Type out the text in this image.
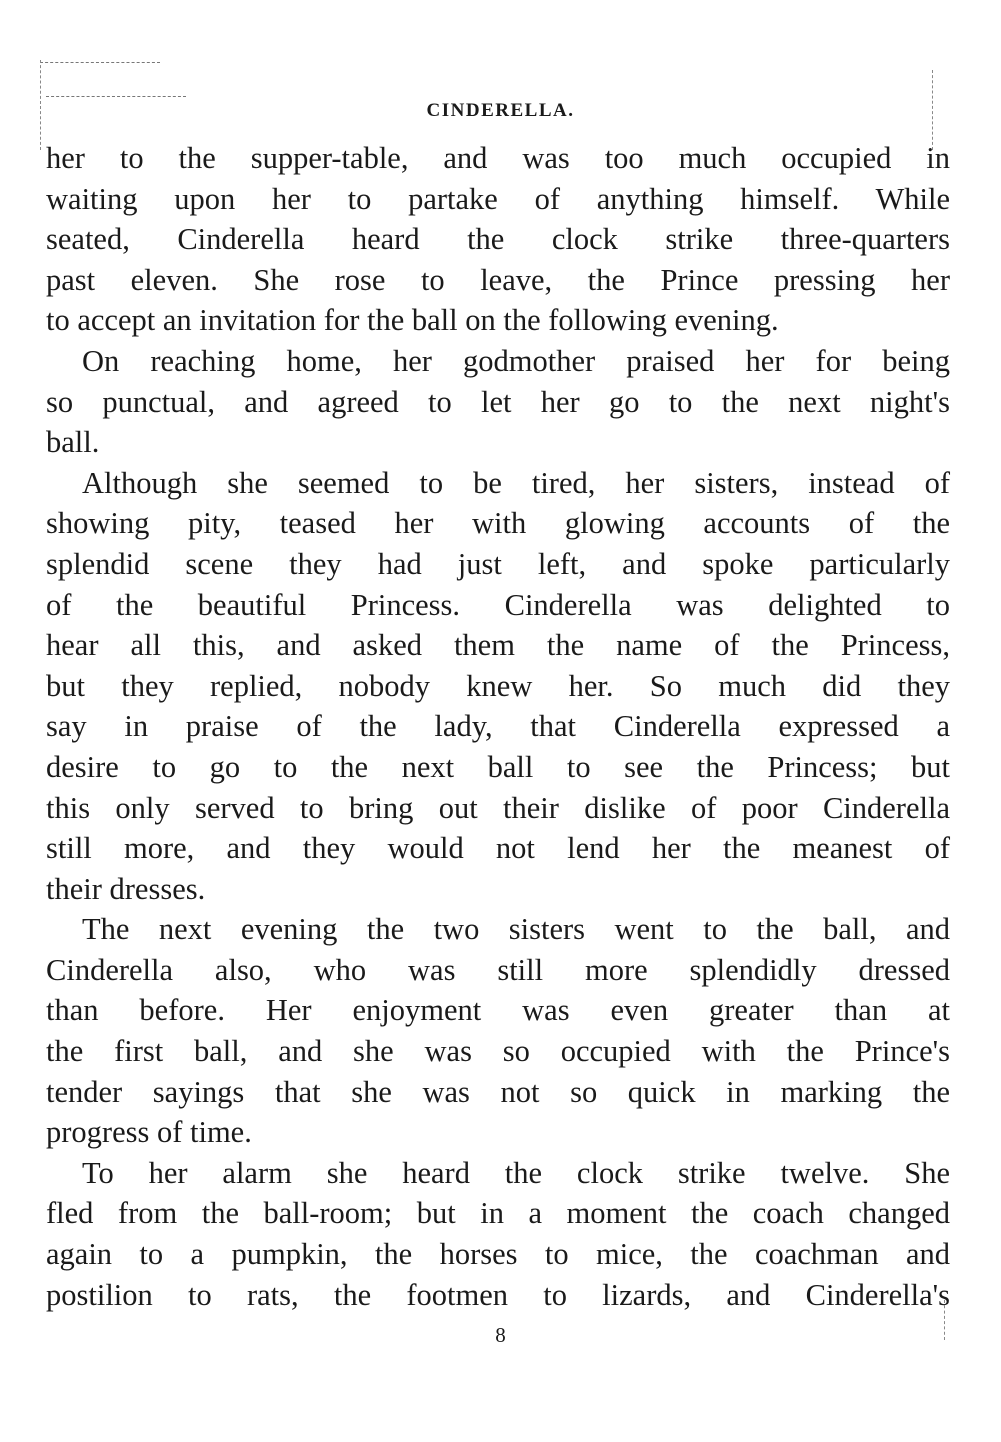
CINDERELLA.
her to the supper-table, and was too much occupied in
waiting upon her to partake of anything himself. While
seated, Cinderella heard the clock strike three-quarters
past eleven. She rose to leave, the Prince pressing her
to accept an invitation for the ball on the following evening.
On reaching home, her godmother praised her for being
so punctual, and agreed to let her go to the next night's
ball.
Although she seemed to be tired, her sisters, instead of
showing pity, teased her with glowing accounts of the
splendid scene they had just left, and spoke particularly
of the beautiful Princess. Cinderella was delighted to
hear all this, and asked them the name of the Princess,
but they replied, nobody knew her. So much did they
say in praise of the lady, that Cinderella expressed a
desire to go to the next ball to see the Princess; but
this only served to bring out their dislike of poor Cinderella
still more, and they would not lend her the meanest of
their dresses.
The next evening the two sisters went to the ball, and
Cinderella also, who was still more splendidly dressed
than before. Her enjoyment was even greater than at
the first ball, and she was so occupied with the Prince's
tender sayings that she was not so quick in marking the
progress of time.
To her alarm she heard the clock strike twelve. She
fled from the ball-room; but in a moment the coach changed
again to a pumpkin, the horses to mice, the coachman and
postilion to rats, the footmen to lizards, and Cinderella's
8
